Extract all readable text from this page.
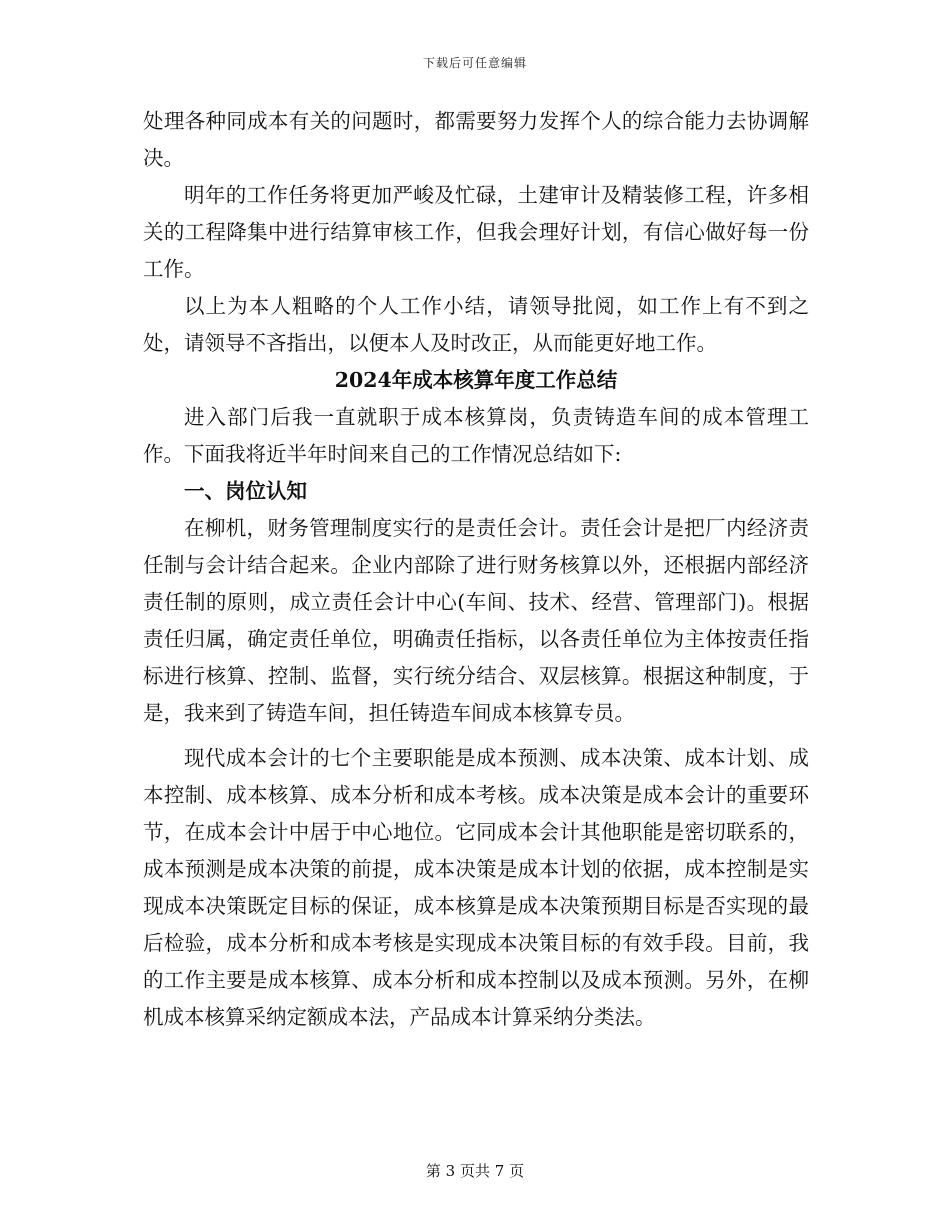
下载后可任意编辑

处理各种同成本有关的问题时，都需要努力发挥个人的综合能力去协调解决。

明年的工作任务将更加严峻及忙碌，土建审计及精装修工程，许多相关的工程降集中进行结算审核工作，但我会理好计划，有信心做好每一份工作。

以上为本人粗略的个人工作小结，请领导批阅，如工作上有不到之处，请领导不吝指出，以便本人及时改正，从而能更好地工作。

2024年成本核算年度工作总结

进入部门后我一直就职于成本核算岗，负责铸造车间的成本管理工作。下面我将近半年时间来自己的工作情况总结如下:

一、岗位认知

在柳机，财务管理制度实行的是责任会计。责任会计是把厂内经济责任制与会计结合起来。企业内部除了进行财务核算以外，还根据内部经济责任制的原则，成立责任会计中心(车间、技术、经营、管理部门)。根据责任归属，确定责任单位，明确责任指标，以各责任单位为主体按责任指标进行核算、控制、监督，实行统分结合、双层核算。根据这种制度，于是，我来到了铸造车间，担任铸造车间成本核算专员。

现代成本会计的七个主要职能是成本预测、成本决策、成本计划、成本控制、成本核算、成本分析和成本考核。成本决策是成本会计的重要环节，在成本会计中居于中心地位。它同成本会计其他职能是密切联系的，成本预测是成本决策的前提，成本决策是成本计划的依据，成本控制是实现成本决策既定目标的保证，成本核算是成本决策预期目标是否实现的最后检验，成本分析和成本考核是实现成本决策目标的有效手段。目前，我的工作主要是成本核算、成本分析和成本控制以及成本预测。另外，在柳机成本核算采纳定额成本法，产品成本计算采纳分类法。

第 3 页共 7 页
